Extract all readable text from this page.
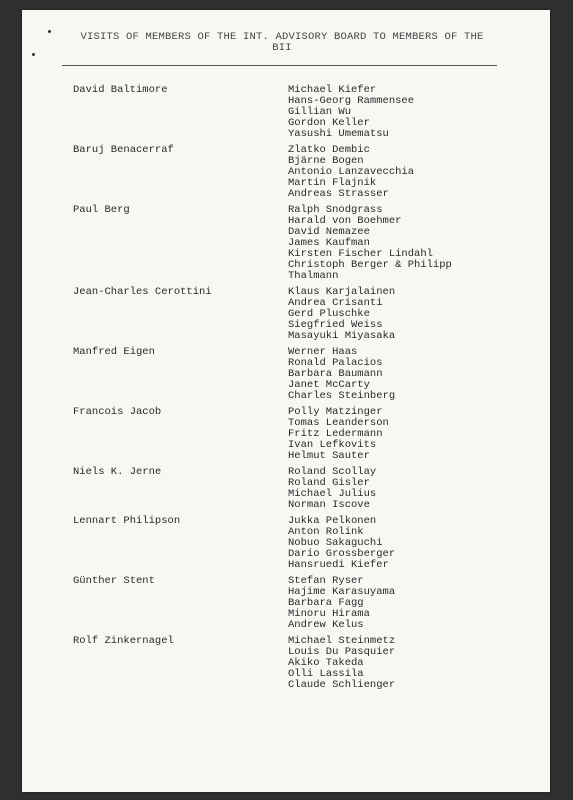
VISITS OF MEMBERS OF THE INT. ADVISORY BOARD TO MEMBERS OF THE BII
David Baltimore	Michael Kiefer
Hans-Georg Rammensee
Gillian Wu
Gordon Keller
Yasushi Umematsu
Baruj Benacerraf	Zlatko Dembic
Bjärne Bogen
Antonio Lanzavecchia
Martin Flajnik
Andreas Strasser
Paul Berg	Ralph Snodgrass
Harald von Boehmer
David Nemazee
James Kaufman
Kirsten Fischer Lindahl
Christoph Berger & Philipp
Thalmann
Jean-Charles Cerottini	Klaus Karjalainen
Andrea Crisanti
Gerd Pluschke
Siegfried Weiss
Masayuki Miyasaka
Manfred Eigen	Werner Haas
Ronald Palacios
Barbara Baumann
Janet McCarty
Charles Steinberg
Francois Jacob	Polly Matzinger
Tomas Leanderson
Fritz Ledermann
Ivan Lefkovits
Helmut Sauter
Niels K. Jerne	Roland Scollay
Roland Gisler
Michael Julius
Norman Iscove
Lennart Philipson	Jukka Pelkonen
Anton Rolink
Nobuo Sakaguchi
Dario Grossberger
Hansruedi Kiefer
Günther Stent	Stefan Ryser
Hajime Karasuyama
Barbara Fagg
Minoru Hirama
Andrew Kelus
Rolf Zinkernagel	Michael Steinmetz
Louis Du Pasquier
Akiko Takeda
Olli Lassila
Claude Schlienger
